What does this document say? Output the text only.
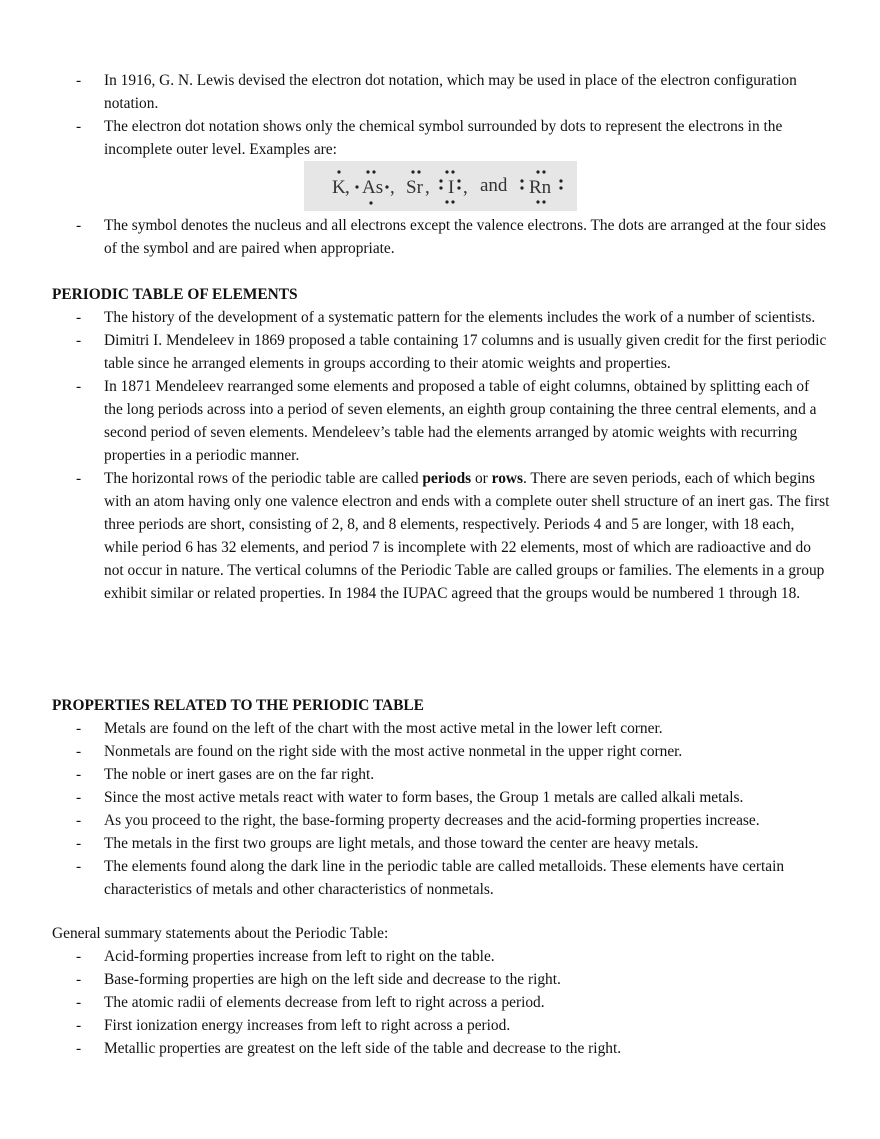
- In 1916, G. N. Lewis devised the electron dot notation, which may be used in place of the electron configuration notation.
- The electron dot notation shows only the chemical symbol surrounded by dots to represent the electrons in the incomplete outer level. Examples are:
K , As , Sr , I , and Rn
- The symbol denotes the nucleus and all electrons except the valence electrons. The dots are arranged at the four sides of the symbol and are paired when appropriate.

PERIODIC TABLE OF ELEMENTS

- The history of the development of a systematic pattern for the elements includes the work of a number of scientists.
- Dimitri I. Mendeleev in 1869 proposed a table containing 17 columns and is usually given credit for the first periodic table since he arranged elements in groups according to their atomic weights and properties.
- In 1871 Mendeleev rearranged some elements and proposed a table of eight columns, obtained by splitting each of the long periods across into a period of seven elements, an eighth group containing the three central elements, and a second period of seven elements. Mendeleev’s table had the elements arranged by atomic weights with recurring properties in a periodic manner.
- The horizontal rows of the periodic table are called periods or rows. There are seven periods, each of which begins with an atom having only one valence electron and ends with a complete outer shell structure of an inert gas. The first three periods are short, consisting of 2, 8, and 8 elements, respectively. Periods 4 and 5 are longer, with 18 each, while period 6 has 32 elements, and period 7 is incomplete with 22 elements, most of which are radioactive and do not occur in nature. The vertical columns of the Periodic Table are called groups or families. The elements in a group exhibit similar or related properties. In 1984 the IUPAC agreed that the groups would be numbered 1 through 18.

PROPERTIES RELATED TO THE PERIODIC TABLE

- Metals are found on the left of the chart with the most active metal in the lower left corner.
- Nonmetals are found on the right side with the most active nonmetal in the upper right corner.
- The noble or inert gases are on the far right.
- Since the most active metals react with water to form bases, the Group 1 metals are called alkali metals.
- As you proceed to the right, the base-forming property decreases and the acid-forming properties increase.
- The metals in the first two groups are light metals, and those toward the center are heavy metals.
- The elements found along the dark line in the periodic table are called metalloids. These elements have certain characteristics of metals and other characteristics of nonmetals.

General summary statements about the Periodic Table:

- Acid-forming properties increase from left to right on the table.
- Base-forming properties are high on the left side and decrease to the right.
- The atomic radii of elements decrease from left to right across a period.
- First ionization energy increases from left to right across a period.
- Metallic properties are greatest on the left side of the table and decrease to the right.
